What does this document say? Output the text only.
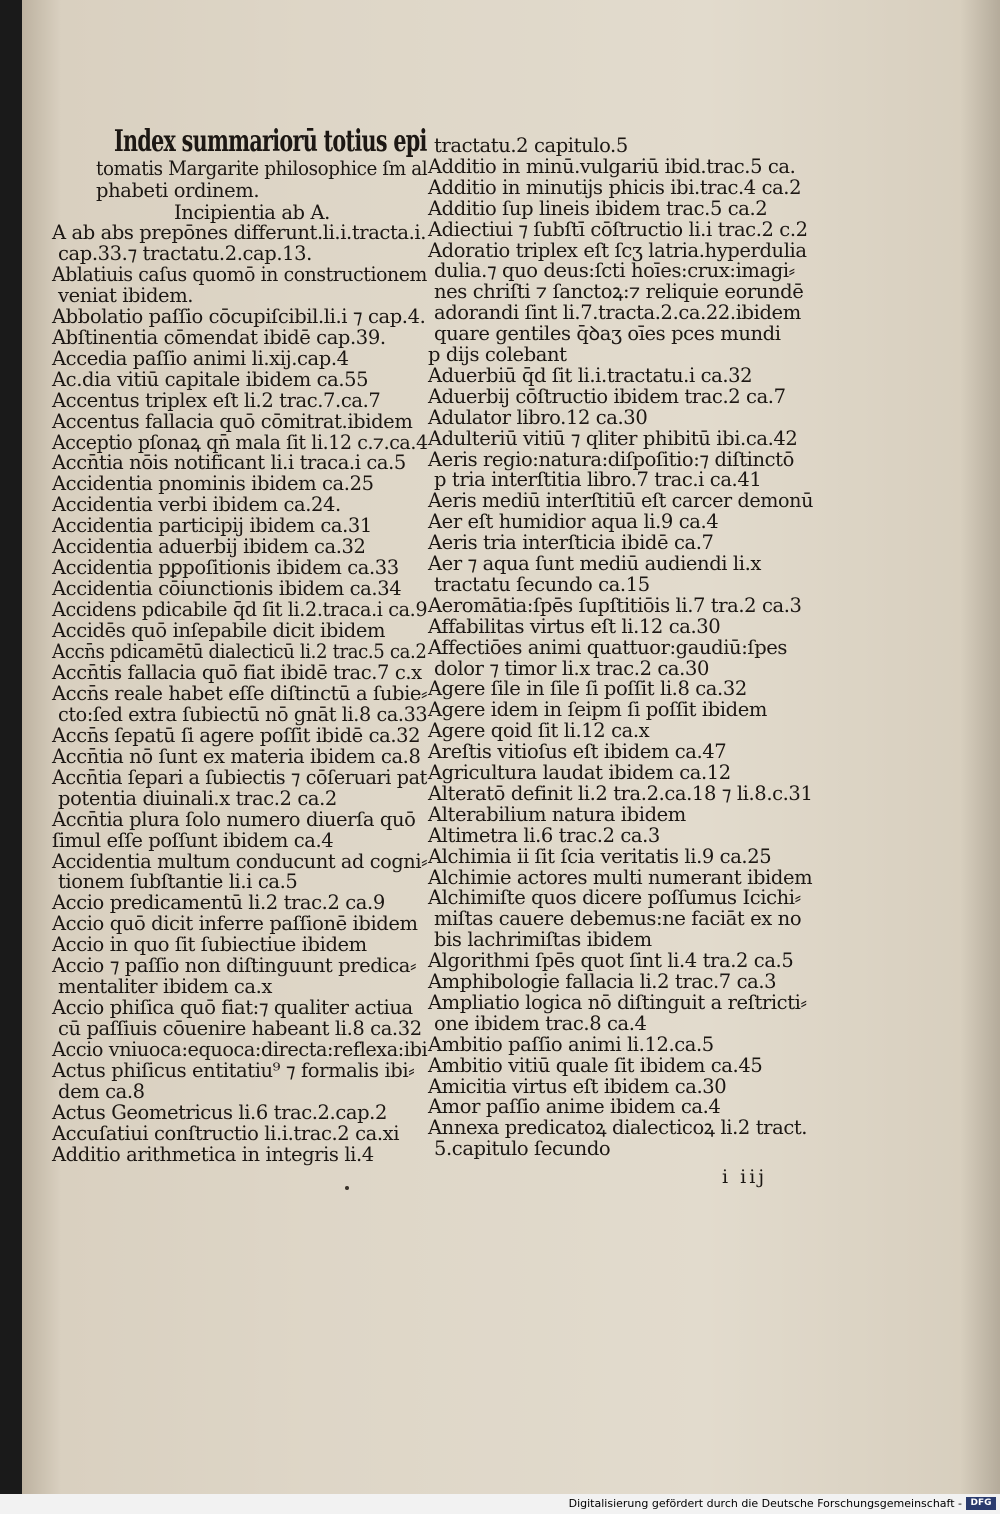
Index summariorū totius epi
tomatis Margarite philosophice ſm al
phabeti ordinem.
Incipientia ab A.
A ab abs prepōnes differunt.li.i.tracta.i.
cap.33.⁊ tractatu.2.cap.13.
Ablatiuis caſus quomō in constructionem
veniat ibidem.
Abbolatio paſſio cōcupiſcibil.li.i ⁊ cap.4.
Abſtinentia cōmendat ibidē cap.39.
Accedia paſſio animi li.xij.cap.4
Ac.dia vitiū capitale ibidem ca.55
Accentus triplex eſt li.2 trac.7.ca.7
Accentus fallacia quō cōmitrat.ibidem
Acceptio pſonaꝝ qn̄ mala ſit li.12 c.⁊.ca.4
Accn̄tia nōis notificant li.i traca.i ca.5
Accidentia pnominis ibidem ca.25
Accidentia verbi ibidem ca.24.
Accidentia participij ibidem ca.31
Accidentia aduerbij ibidem ca.32
Accidentia pꝑpoſitionis ibidem ca.33
Accidentia cōiunctionis ibidem ca.34
Accidens pdicabile q̄d ſit li.2.traca.i ca.9
Accidēs quō inſepabile dicit ibidem
Accn̄s pdicamētū dialecticū li.2 trac.5 ca.2
Accn̄tis fallacia quō fiat ibidē trac.7 c.x
Accn̄s reale habet eſſe diſtinctū a ſubie⸗
cto:ſed extra ſubiectū nō gnāt li.8 ca.33
Accn̄s ſepatū ſi agere poſſit ibidē ca.32
Accn̄tia nō ſunt ex materia ibidem ca.8
Accn̄tia ſepari a ſubiectis ⁊ cōſeruari pat
potentia diuinali.x trac.2 ca.2
Accn̄tia plura ſolo numero diuerſa quō
ſimul eſſe poſſunt ibidem ca.4
Accidentia multum conducunt ad cogni⸗
tionem ſubſtantie li.i ca.5
Accio predicamentū li.2 trac.2 ca.9
Accio quō dicit inferre paſſionē ibidem
Accio in quo ſit ſubiectiue ibidem
Accio ⁊ paſſio non diſtinguunt predica⸗
mentaliter ibidem ca.x
Accio phiſica quō fiat:⁊ qualiter actiua
cū paſſiuis cōuenire habeant li.8 ca.32
Accio vniuoca:equoca:directa:reflexa:ibi
Actus phiſicus entitatiu⁹ ⁊ formalis ibi⸗
dem ca.8
Actus Geometricus li.6 trac.2.cap.2
Accuſatiui conſtructio li.i.trac.2 ca.xi
Additio arithmetica in integris li.4
tractatu.2 capitulo.5
Additio in minū.vulgariū ibid.trac.5 ca.
Additio in minutijs phicis ibi.trac.4 ca.2
Additio ſup lineis ibidem trac.5 ca.2
Adiectiui ⁊ ſubſtī cōſtructio li.i trac.2 c.2
Adoratio triplex eſt ſcʒ latria.hyperdulia
dulia.⁊ quo deus:ſcti hoīes:crux:imagi⸗
nes chriſti ⁊ ſanctoꝝ:⁊ reliquie eorundē
adorandi ſint li.7.tracta.2.ca.22.ibidem
quare gentiles q̄ꝺaʒ oīes pces mundi
p dijs colebant
Aduerbiū q̄d ſit li.i.tractatu.i ca.32
Aduerbij cōſtructio ibidem trac.2 ca.7
Adulator libro.12 ca.30
Adulteriū vitiū ⁊ qliter phibitū ibi.ca.42
Aeris regio:natura:diſpoſitio:⁊ diſtinctō
p tria interſtitia libro.7 trac.i ca.41
Aeris mediū interſtitiū eſt carcer demonū
Aer eſt humidior aqua li.9 ca.4
Aeris tria interſticia ibidē ca.7
Aer ⁊ aqua ſunt mediū audiendi li.x
tractatu ſecundo ca.15
Aeromātia:ſpēs ſupſtitiōis li.7 tra.2 ca.3
Affabilitas virtus eſt li.12 ca.30
Affectiōes animi quattuor:gaudiū:ſpes
dolor ⁊ timor li.x trac.2 ca.30
Agere ſile in ſile ſi poſſit li.8 ca.32
Agere idem in ſeipm ſi poſſit ibidem
Agere qoid ſit li.12 ca.x
Areſtis vitioſus eſt ibidem ca.47
Agricultura laudat ibidem ca.12
Alteratō definit li.2 tra.2.ca.18 ⁊ li.8.c.31
Alterabilium natura ibidem
Altimetra li.6 trac.2 ca.3
Alchimia ii ſit ſcia veritatis li.9 ca.25
Alchimie actores multi numerant ibidem
Alchimiſte quos dicere poſſumus Icichi⸗
miſtas cauere debemus:ne faciāt ex no
bis lachrimiſtas ibidem
Algorithmi ſpēs quot ſint li.4 tra.2 ca.5
Amphibologie fallacia li.2 trac.7 ca.3
Ampliatio logica nō diſtinguit a reſtricti⸗
one ibidem trac.8 ca.4
Ambitio paſſio animi li.12.ca.5
Ambitio vitiū quale ſit ibidem ca.45
Amicitia virtus eſt ibidem ca.30
Amor paſſio anime ibidem ca.4
Annexa predicatoꝝ dialecticoꝝ li.2 tract.
5.capitulo ſecundo
i iij
Digitalisierung gefördert durch die Deutsche Forschungsgemeinschaft - DFG
